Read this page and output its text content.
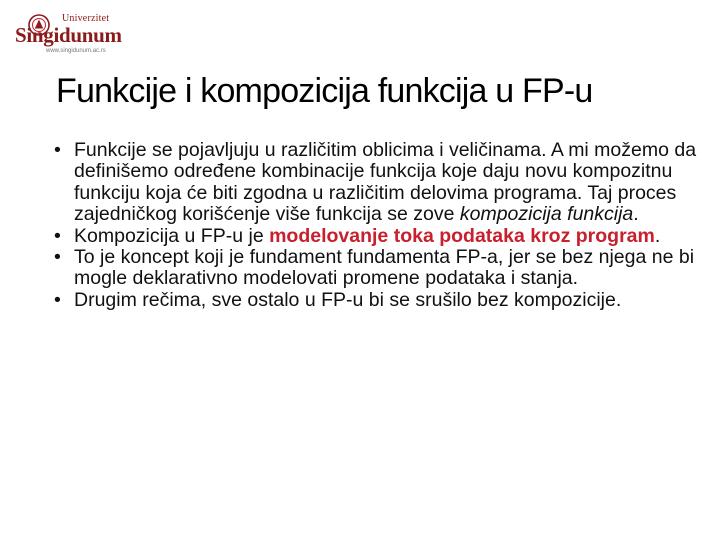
Univerzitet
Singidunum
www.singidunum.ac.rs
Funkcije i kompozicija funkcija u FP-u
• Funkcije se pojavljuju u različitim oblicima i veličinama. A mi možemo da definišemo određene kombinacije funkcija koje daju novu kompozitnu funkciju koja će biti zgodna u različitim delovima programa. Taj proces zajedničkog korišćenje više funkcija se zove kompozicija funkcija.
• Kompozicija u FP-u je modelovanje toka podataka kroz program.
• To je koncept koji je fundament fundamenta FP-a, jer se bez njega ne bi mogle deklarativno modelovati promene podataka i stanja.
• Drugim rečima, sve ostalo u FP-u bi se srušilo bez kompozicije.
